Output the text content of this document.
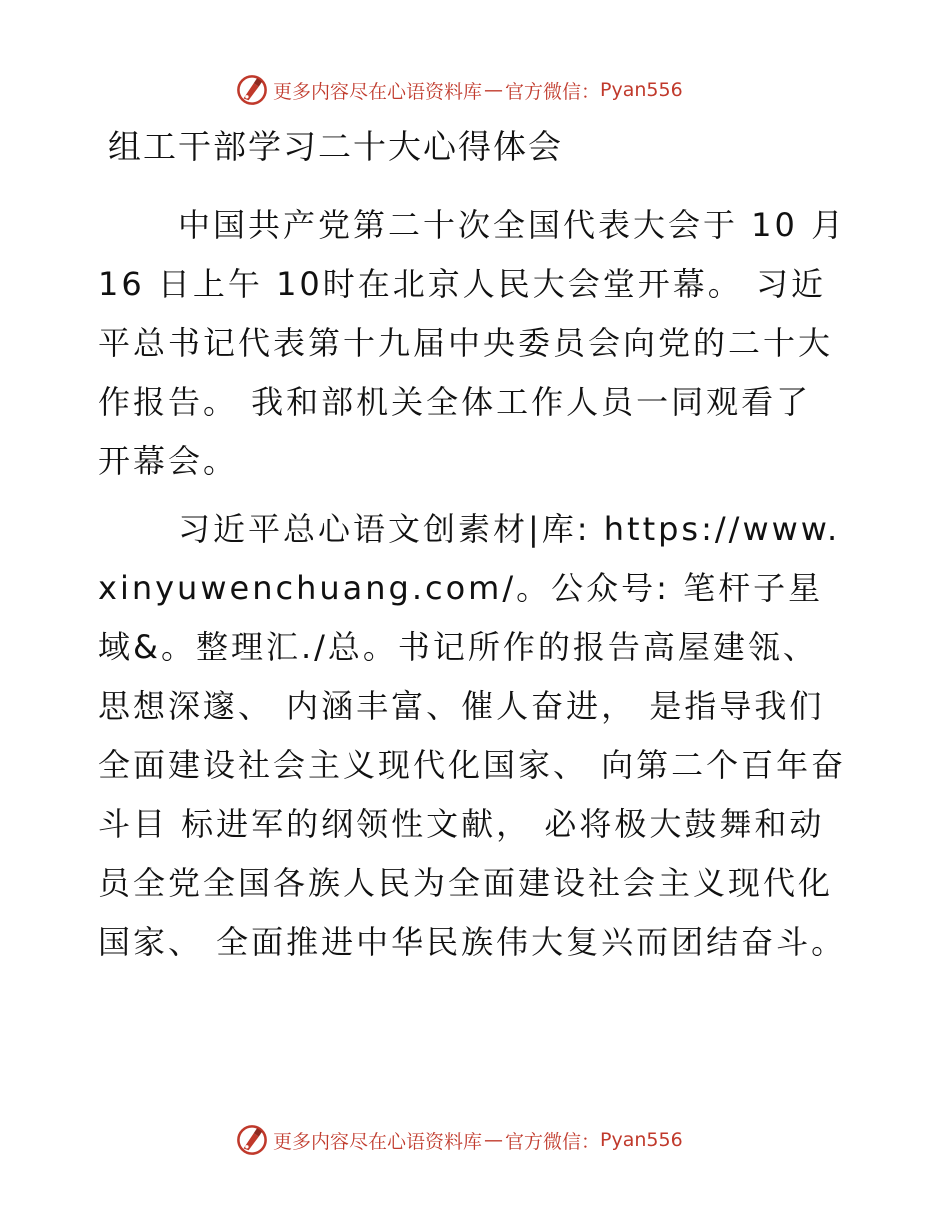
更多内容尽在心语资料库 — 官方微信： Pyan556
组工干部学习二十大心得体会

中国共产党第二十次全国代表大会于 10 月 16 日上午 10时在北京人民大会堂开幕。 习近平总书记代表第十九届中央委员会向党的二十大作报告。 我和部机关全体工作人员一同观看了 开幕会。

习近平总心语文创素材|库: https://www.xinyuwenchuang.com/。公众号: 笔杆子星域&。整理汇./总。书记所作的报告高屋建瓴、思想深邃、 内涵丰富、催人奋进， 是指导我们全面建设社会主义现代化国家、 向第二个百年奋斗目 标进军的纲领性文献， 必将极大鼓舞和动员全党全国各族人民为全面建设社会主义现代化国家、 全面推进中华民族伟大复兴而团结奋斗。

更多内容尽在心语资料库 — 官方微信： Pyan556
